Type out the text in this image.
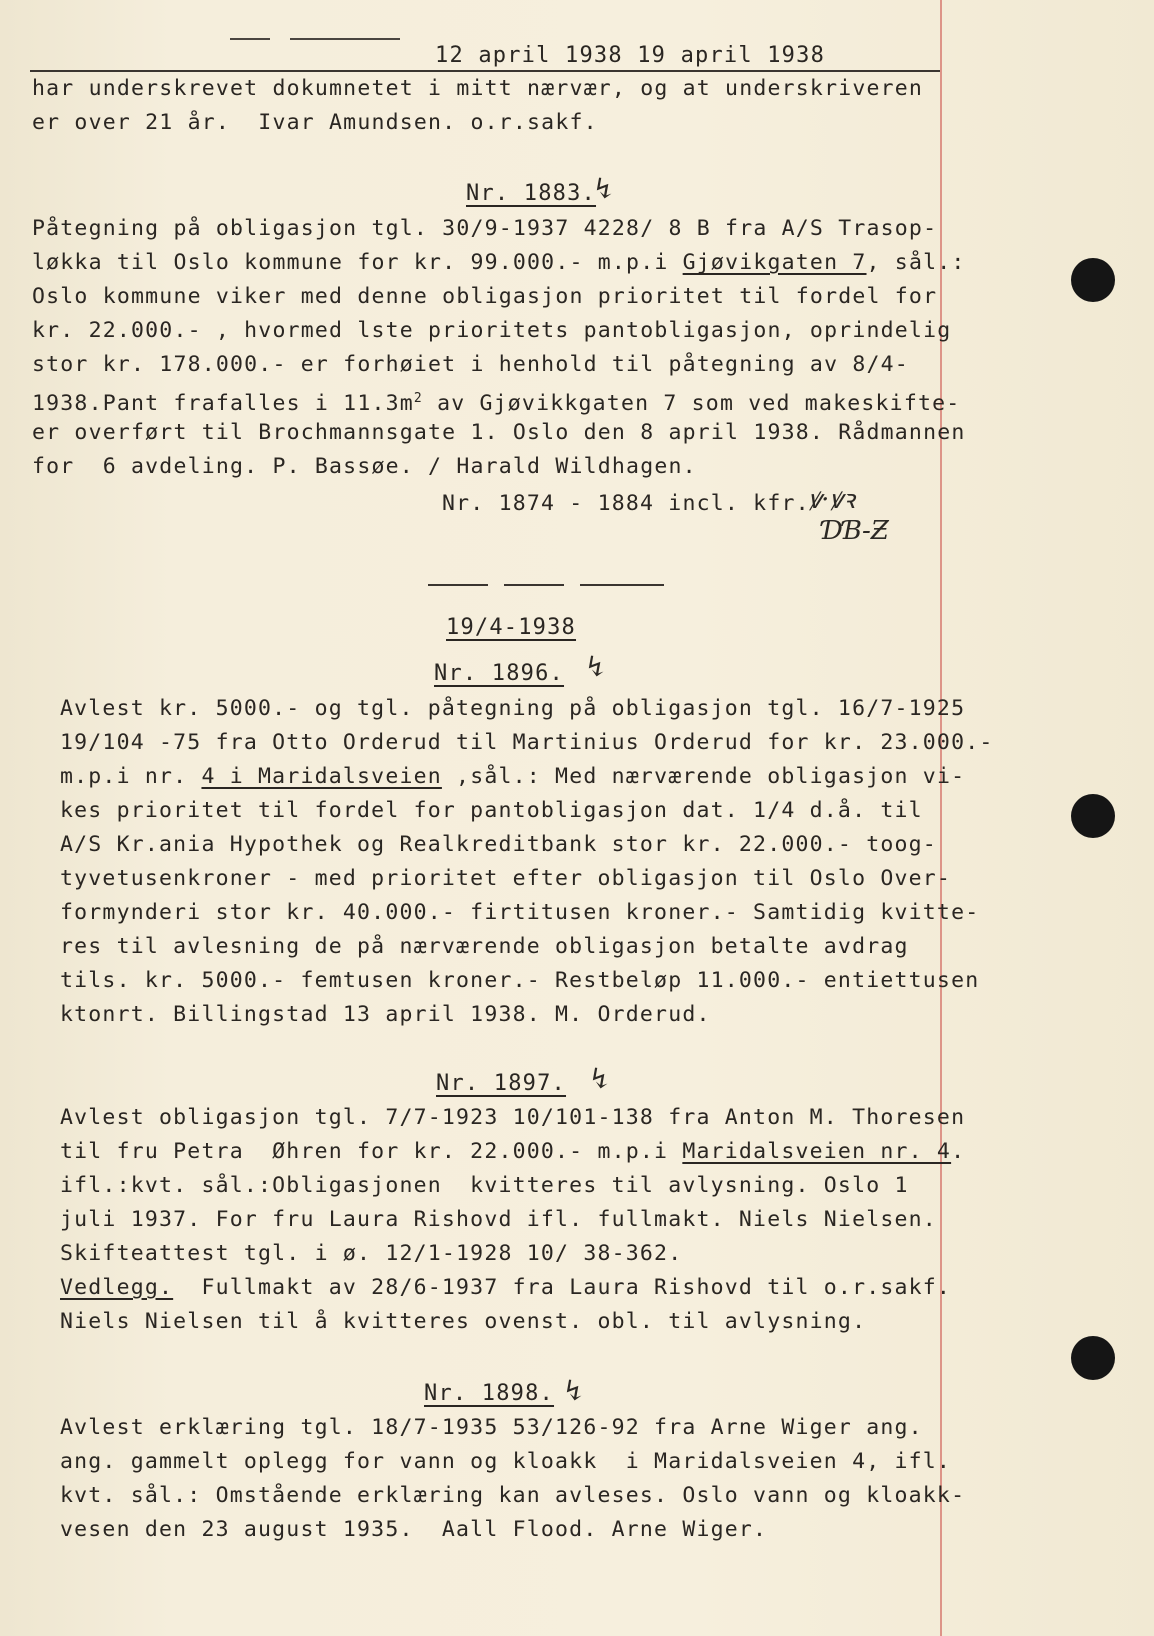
12 april 1938 19 april 1938
har underskrevet dokumnetet i mitt nærvær, og at underskriveren
er over 21 år.  Ivar Amundsen. o.r.sakf.
Nr. 1883.
↯
Påtegning på obligasjon tgl. 30/9-1937 4228/ 8 B fra A/S Trasop-
løkka til Oslo kommune for kr. 99.000.- m.p.i Gjøvikgaten 7, sål.:
Oslo kommune viker med denne obligasjon prioritet til fordel for
kr. 22.000.- , hvormed lste prioritets pantobligasjon, oprindelig
stor kr. 178.000.- er forhøiet i henhold til påtegning av 8/4-
1938.Pant frafalles i $11.3m^2$ av Gjøvikkgaten 7 som ved makeskifte-
er overført til Brochmannsgate 1. Oslo den 8 april 1938. Rådmannen
for  6 avdeling. P. Bassøe. / Harald Wildhagen.
Nr. 1874 - 1884 incl. kfr.
ꝟ·ꝟꝛ
ƊƁ-Ƶ
19/4-1938
Nr. 1896. ↯
Avlest kr. 5000.- og tgl. påtegning på obligasjon tgl. 16/7-1925
19/104 -75 fra Otto Orderud til Martinius Orderud for kr. 23.000.-
m.p.i nr. 4 i Maridalsveien ,sål.: Med nærværende obligasjon vi-
kes prioritet til fordel for pantobligasjon dat. 1/4 d.å. til
A/S Kr.ania Hypothek og Realkreditbank stor kr. 22.000.- toog-
tyvetusenkroner - med prioritet efter obligasjon til Oslo Over-
formynderi stor kr. 40.000.- firtitusen kroner.- Samtidig kvitte-
res til avlesning de på nærværende obligasjon betalte avdrag
tils. kr. 5000.- femtusen kroner.- Restbeløp 11.000.- entiettusen
ktonrt. Billingstad 13 april 1938. M. Orderud.
Nr. 1897. ↯
Avlest obligasjon tgl. 7/7-1923 10/101-138 fra Anton M. Thoresen
til fru Petra  Øhren for kr. 22.000.- m.p.i Maridalsveien nr. 4.
ifl.:kvt. sål.:Obligasjonen  kvitteres til avlysning. Oslo 1
juli 1937. For fru Laura Rishovd ifl. fullmakt. Niels Nielsen.
Skifteattest tgl. i ø. 12/1-1928 10/ 38-362.
Vedlegg.  Fullmakt av 28/6-1937 fra Laura Rishovd til o.r.sakf.
Niels Nielsen til å kvitteres ovenst. obl. til avlysning.
Nr. 1898. ↯
Avlest erklæring tgl. 18/7-1935 53/126-92 fra Arne Wiger ang.
ang. gammelt oplegg for vann og kloakk  i Maridalsveien 4, ifl.
kvt. sål.: Omstående erklæring kan avleses. Oslo vann og kloakk-
vesen den 23 august 1935.  Aall Flood. Arne Wiger.
